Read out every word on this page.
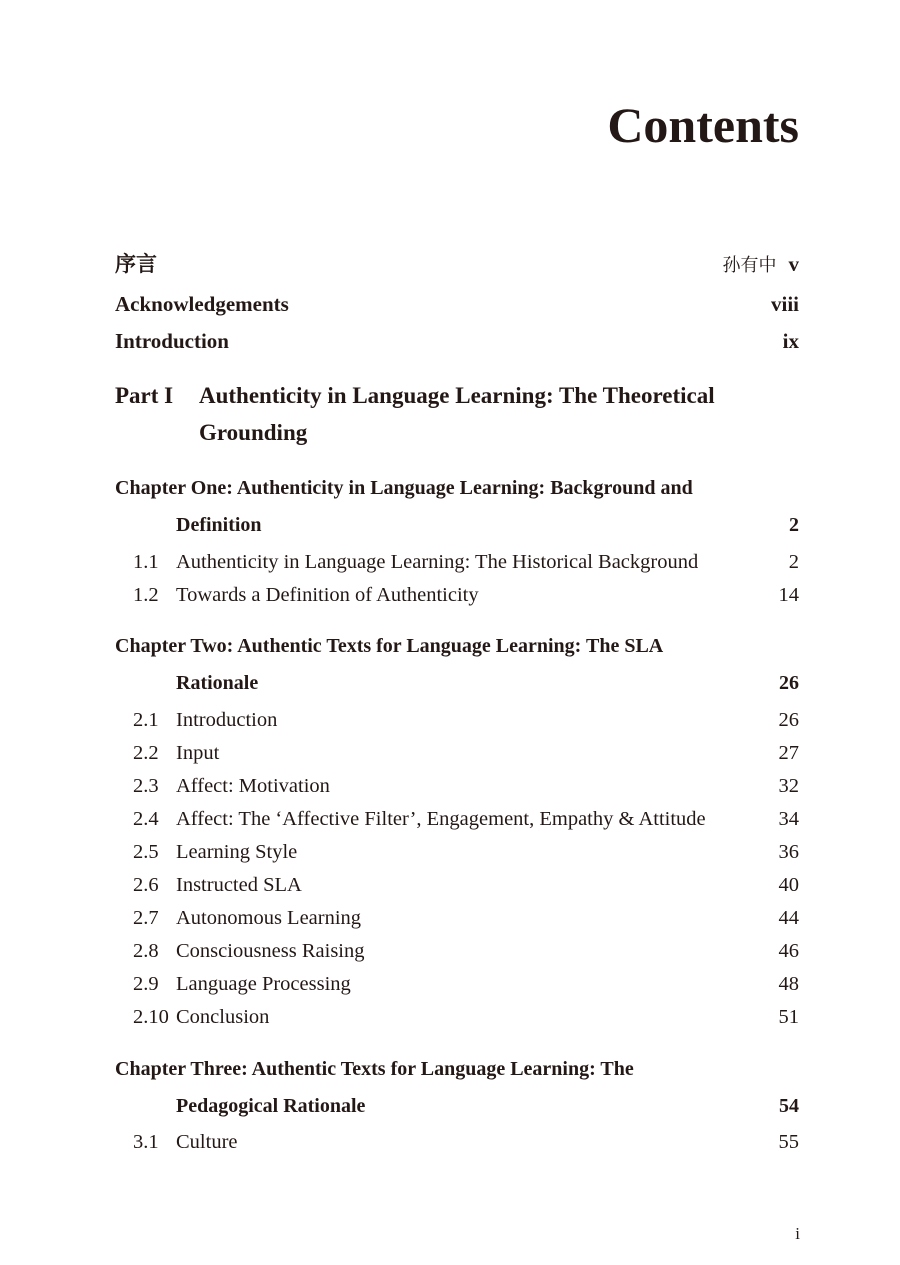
Contents
序言	孙有中 v
Acknowledgements	viii
Introduction	ix
Part I Authenticity in Language Learning: The Theoretical
Grounding
Chapter One: Authenticity in Language Learning: Background and
Definition	2
1.1 Authenticity in Language Learning: The Historical Background	2
1.2 Towards a Definition of Authenticity	14
Chapter Two: Authentic Texts for Language Learning: The SLA
Rationale	26
2.1 Introduction	26
2.2 Input	27
2.3 Affect: Motivation	32
2.4 Affect: The ‘Affective Filter’, Engagement, Empathy & Attitude	34
2.5 Learning Style	36
2.6 Instructed SLA	40
2.7 Autonomous Learning	44
2.8 Consciousness Raising	46
2.9 Language Processing	48
2.10 Conclusion	51
Chapter Three: Authentic Texts for Language Learning: The
Pedagogical Rationale	54
3.1 Culture	55
i
